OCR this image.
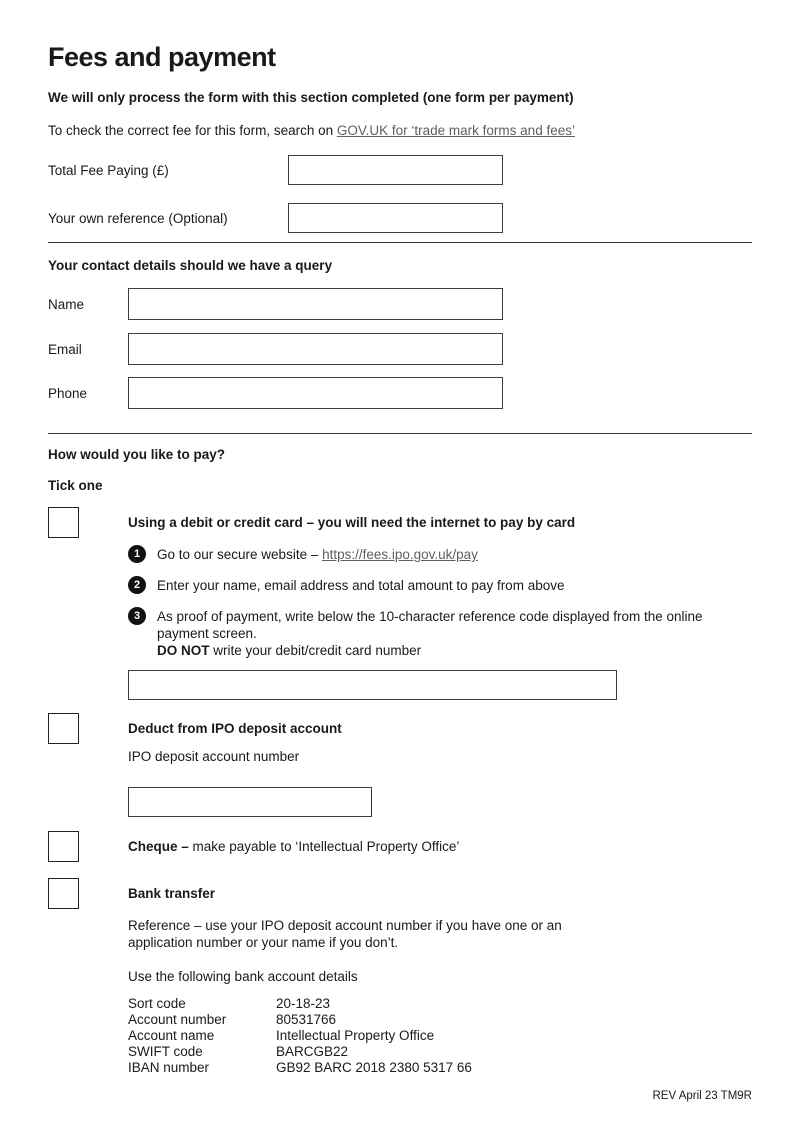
Fees and payment

We will only process the form with this section completed (one form per payment)

To check the correct fee for this form, search on GOV.UK for ‘trade mark forms and fees’

Total Fee Paying (£)
Your own reference (Optional)
Your contact details should we have a query
Name
Email
Phone
How would you like to pay?
Tick one
Using a debit or credit card – you will need the internet to pay by card
1	Go to our secure website – https://fees.ipo.gov.uk/pay
2	Enter your name, email address and total amount to pay from above
3	As proof of payment, write below the 10-character reference code displayed from the online payment screen.
DO NOT write your debit/credit card number
Deduct from IPO deposit account
IPO deposit account number
Cheque – make payable to ‘Intellectual Property Office’
Bank transfer

Reference – use your IPO deposit account number if you have one or an application number or your name if you don’t.

Use the following bank account details

Sort code	20-18-23
Account number	80531766
Account name	Intellectual Property Office
SWIFT code	BARCGB22
IBAN number	GB92 BARC 2018 2380 5317 66
REV April 23 TM9R
